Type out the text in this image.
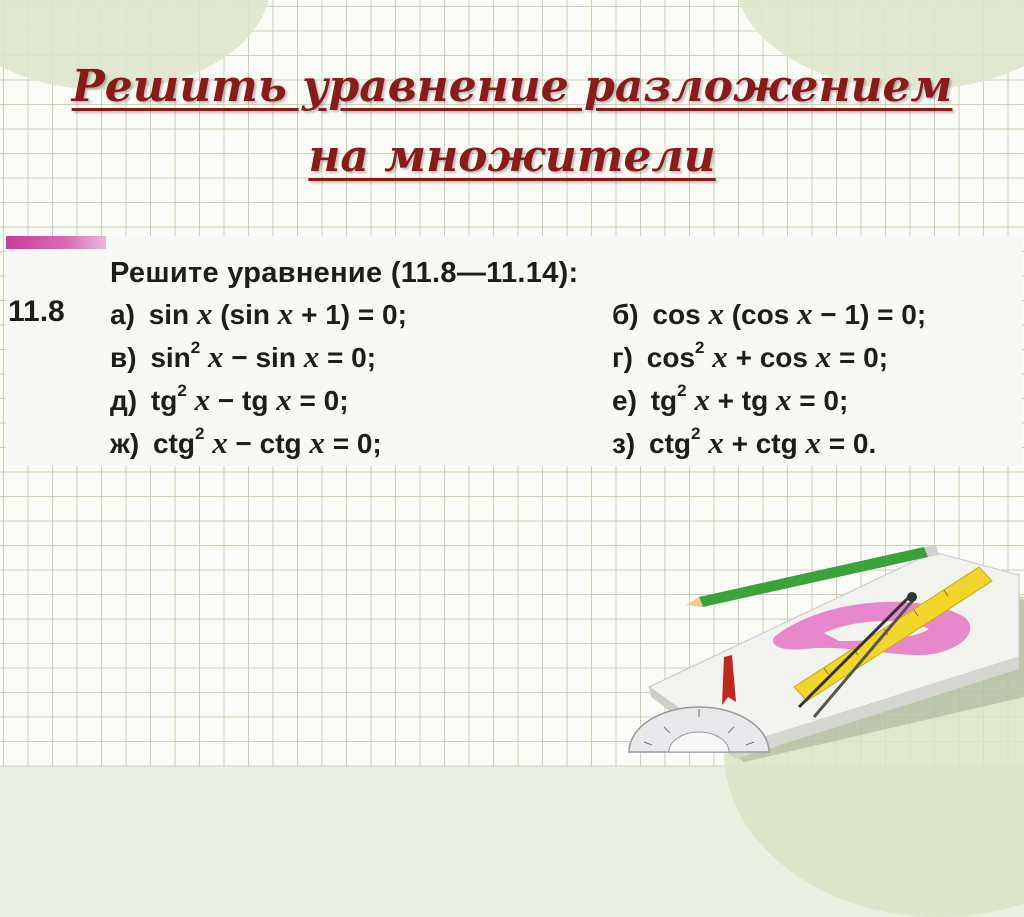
Решить уравнение разложением
на множители
Решите уравнение (11.8—11.14):
11.8 а) sin x (sin x + 1) = 0;	б) cos x (cos x − 1) = 0;
в) $\sin^2 x - \sin x = 0$;	г) $\cos^2 x + \cos x = 0$;
д) $tg^2$ x − tg x = 0;	е) $tg^2$ x + tg x = 0;
ж) ctg$^2$ x − ctg x = 0;	з) ctg$^2$ x + ctg x = 0.
